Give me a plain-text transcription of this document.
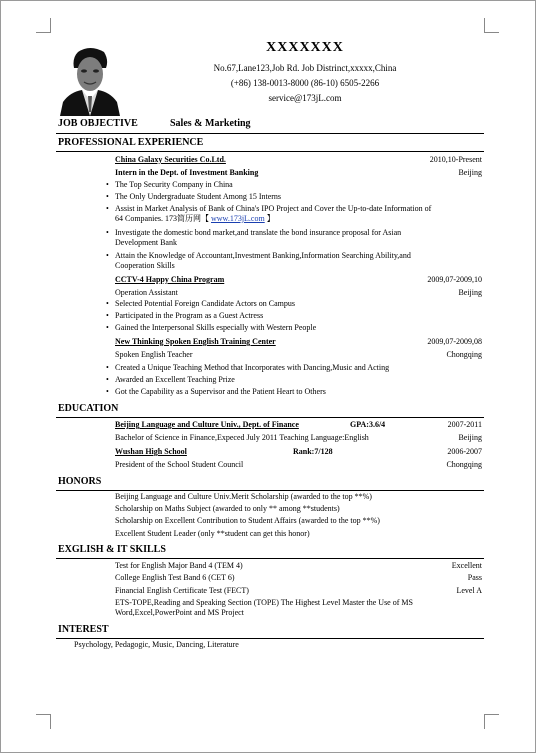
XXXXXXX
No.67,Lane123,Job Rd. Job Distrinct,xxxxx,China
(+86) 138-0013-8000 (86-10) 6505-2266
service@173jL.com
JOB OBJECTIVE	Sales & Marketing
PROFESSIONAL EXPERIENCE
China Galaxy Securities Co.Ltd.	2010,10-Present
Intern in the Dept. of Investment Banking	Beijing
• The Top Security Company in China
• The Only Undergraduate Student Among 15 Interns
• Assist in Market Analysis of Bank of China's IPO Project and Cover the Up-to-date Information of
64 Companies. 173简历网【 www.173jL.com 】
• Investigate the domestic bond market,and translate the bond insurance proposal for Asian
Development Bank
• Attain the Knowledge of Accountant,Investment Banking,Information Searching Ability,and
Cooperation Skills
CCTV-4 Happy China Program	2009,07-2009,10
Operation Assistant	Beijing
• Selected Potential Foreign Candidate Actors on Campus
• Participated in the Program as a Guest Actress
• Gained the Interpersonal Skills especially with Western People
New Thinking Spoken English Training Center	2009,07-2009,08
Spoken English Teacher	Chongqing
• Created a Unique Teaching Method that Incorporates with Dancing,Music and Acting
• Awarded an Excellent Teaching Prize
• Got the Capability as a Supervisor and the Patient Heart to Others
EDUCATION
Beijing Language and Culture Univ., Dept. of Finance	GPA:3.6/4	2007-2011
Bachelor of Science in Finance,Expeced July 2011 Teaching Language:English	Beijing
Wushan High School	Rank:7/128	2006-2007
President of the School Student Council	Chongqing
HONORS
Beijing Language and Culture Univ.Merit Scholarship (awarded to the top **%)
Scholarship on Maths Subject (awarded to only ** among **students)
Scholarship on Excellent Contribution to Student Affairs (awarded to the top **%)
Excellent Student Leader (only **student can get this honor)
EXGLISH & IT SKILLS
Test for English Major Band 4 (TEM 4)	Excellent
College English Test Band 6 (CET 6)	Pass
Financial English Certificate Test (FECT)	Level A
ETS-TOPE,Reading and Speaking Section (TOPE) The Highest Level Master the Use of MS
Word,Excel,PowerPoint and MS Project
INTEREST
Psychology, Pedagogic, Music, Dancing, Literature
